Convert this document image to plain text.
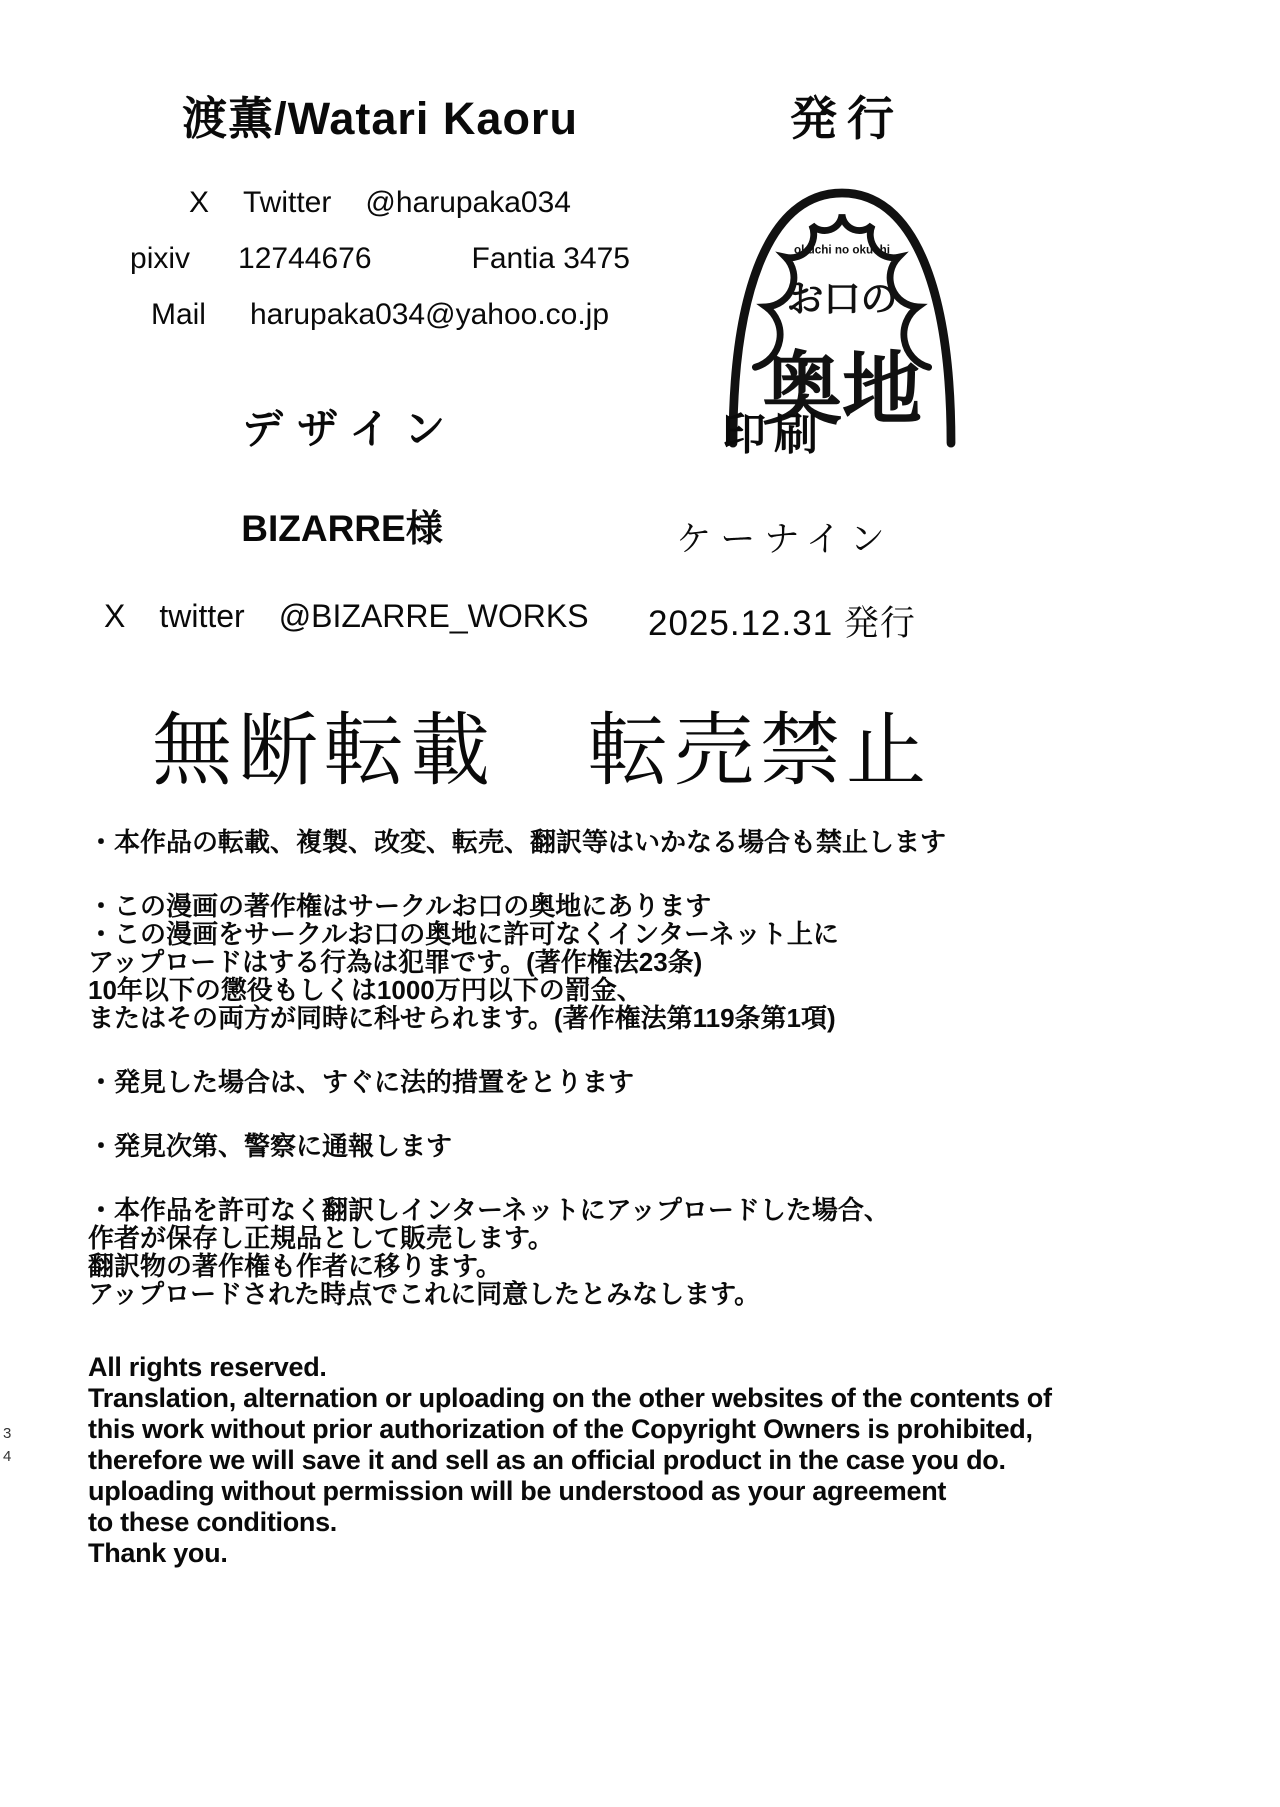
渡薫/Watari Kaoru
X Twitter @harupaka034
pixiv 12744676	Fantia 3475
Mail harupaka034@yahoo.co.jp
発行
okuchi no okuchi
お口の
奥地
デザイン	印刷
BIZARRE様	ケーナイン
X twitter @BIZARRE_WORKS 2025.12.31 発行
無断転載 転売禁止

・本作品の転載、複製、改変、転売、翻訳等はいかなる場合も禁止します

・この漫画の著作権はサークルお口の奥地にあります
・この漫画をサークルお口の奥地に許可なくインターネット上に
アップロードはする行為は犯罪です。(著作権法23条)
10年以下の懲役もしくは1000万円以下の罰金、
またはその両方が同時に科せられます。(著作権法第119条第1項)

・発見した場合は、すぐに法的措置をとります

・発見次第、警察に通報します

・本作品を許可なく翻訳しインターネットにアップロードした場合、
作者が保存し正規品として販売します。
翻訳物の著作権も作者に移ります。
アップロードされた時点でこれに同意したとみなします。

All rights reserved.
Translation, alternation or uploading on the other websites of the contents of
this work without prior authorization of the Copyright Owners is prohibited,
therefore we will save it and sell as an official product in the case you do.
uploading without permission will be understood as your agreement
to these conditions.
Thank you.
3
4
